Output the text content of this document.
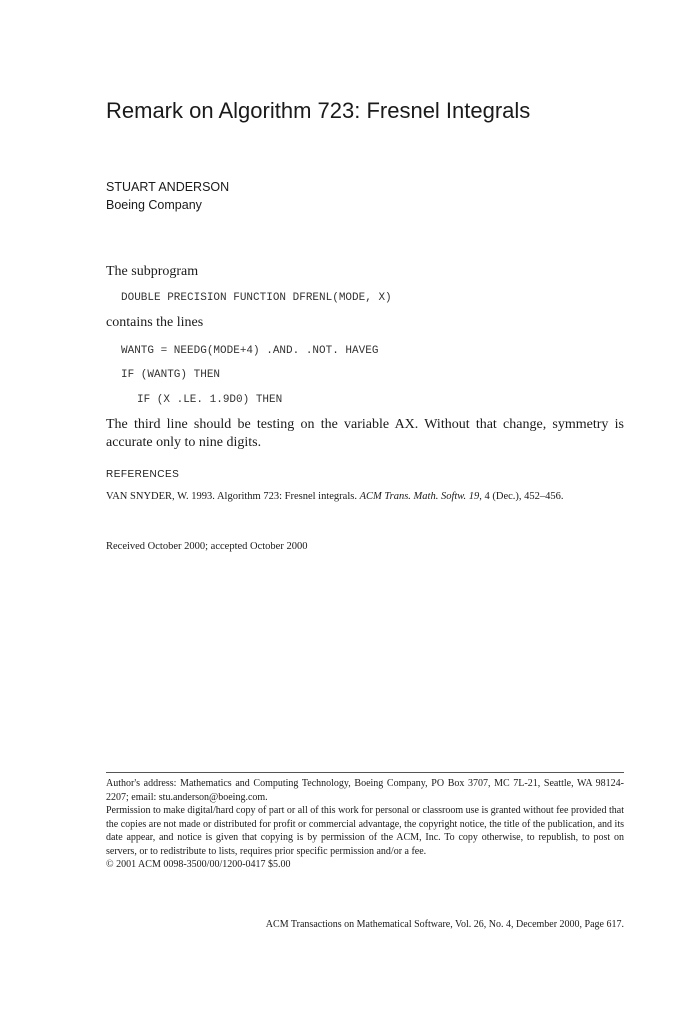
Remark on Algorithm 723: Fresnel Integrals
STUART ANDERSON
Boeing Company
The subprogram
DOUBLE PRECISION FUNCTION DFRENL(MODE, X)
contains the lines
WANTG = NEEDG(MODE+4) .AND. .NOT. HAVEG
IF (WANTG) THEN
IF (X .LE. 1.9D0) THEN
The third line should be testing on the variable AX. Without that change, symmetry is accurate only to nine digits.
REFERENCES
VAN SNYDER, W. 1993. Algorithm 723: Fresnel integrals. ACM Trans. Math. Softw. 19, 4 (Dec.), 452–456.
Received October 2000; accepted October 2000

Author's address: Mathematics and Computing Technology, Boeing Company, PO Box 3707, MC 7L-21, Seattle, WA 98124-2207; email: stu.anderson@boeing.com.

Permission to make digital/hard copy of part or all of this work for personal or classroom use is granted without fee provided that the copies are not made or distributed for profit or commercial advantage, the copyright notice, the title of the publication, and its date appear, and notice is given that copying is by permission of the ACM, Inc. To copy otherwise, to republish, to post on servers, or to redistribute to lists, requires prior specific permission and/or a fee.

© 2001 ACM 0098-3500/00/1200-0417 $5.00

ACM Transactions on Mathematical Software, Vol. 26, No. 4, December 2000, Page 617.
